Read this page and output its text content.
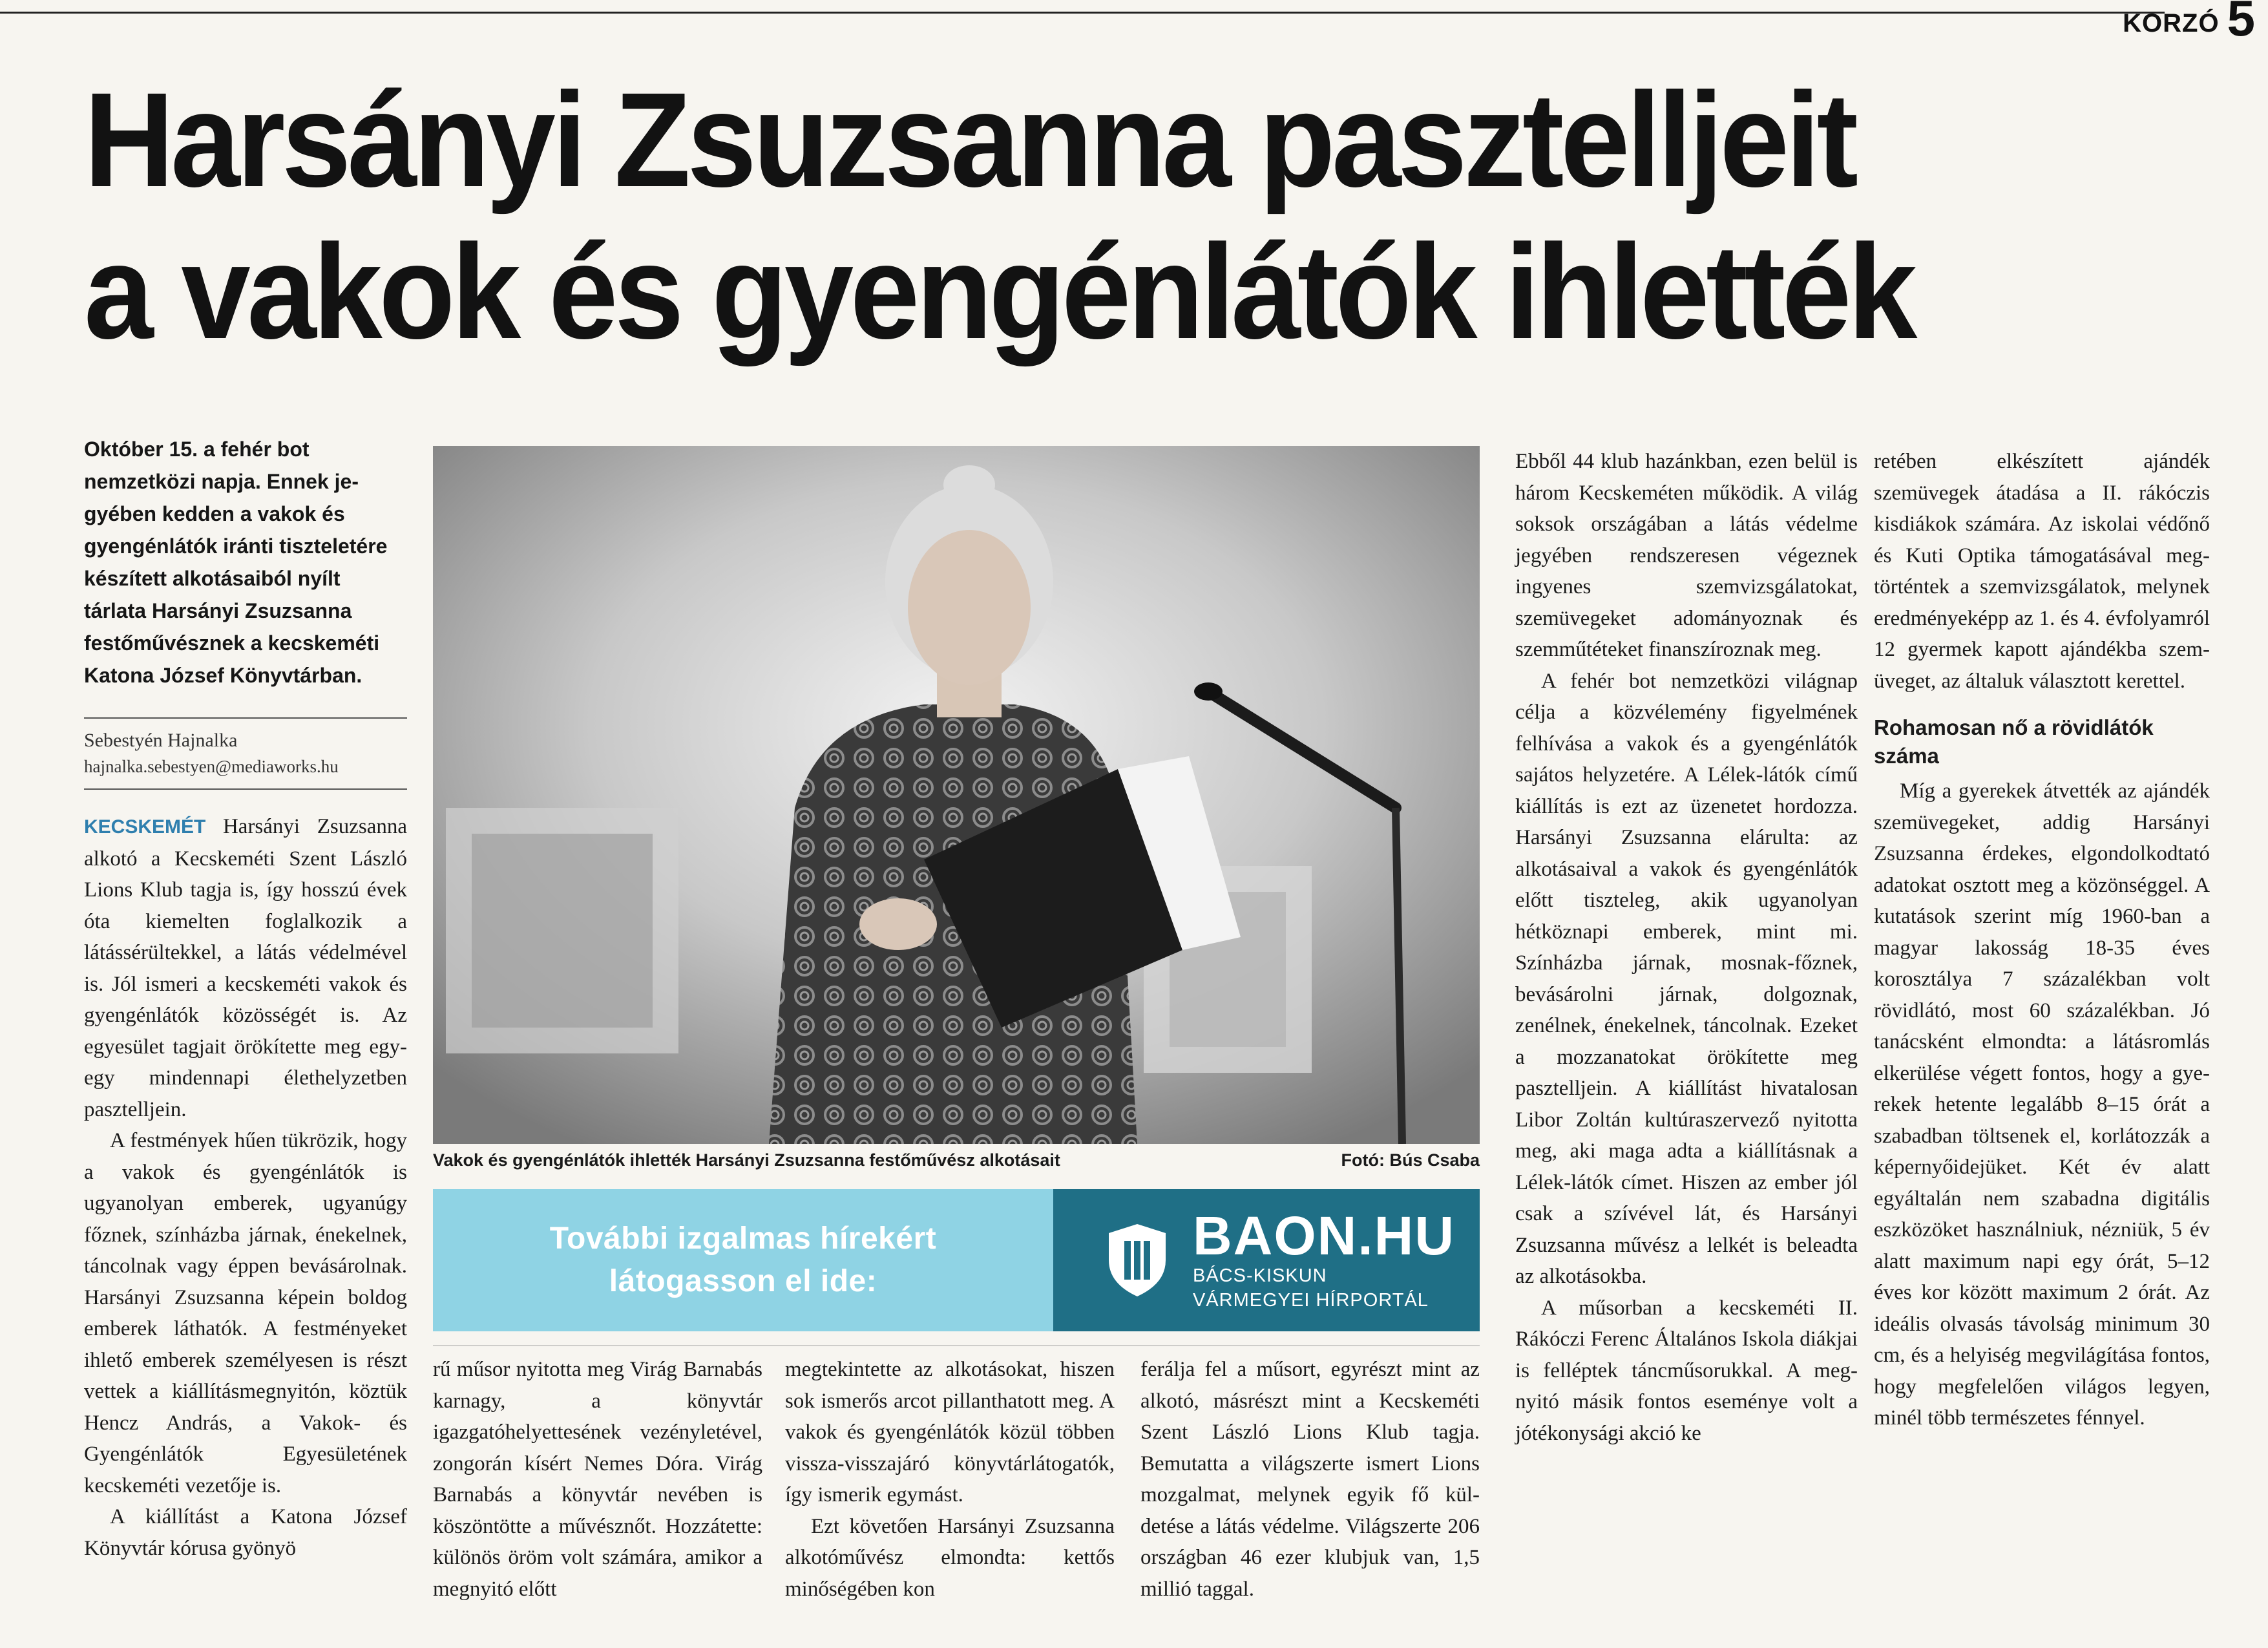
KORZÓ 5
Harsányi Zsuzsanna pasztelljeit
a vakok és gyengénlátók ihlették
Október 15. a fehér bot nemzetközi napja. Ennek jegyében kedden a vakok és gyengénlátók iránti tiszteletére készített alkotásaiból nyílt tárlata Harsányi Zsuzsanna festőművésznek a kecskeméti Katona József Könyvtárban.
Sebestyén Hajnalka
hajnalka.sebestyen@mediaworks.hu

KECSKEMÉT Harsányi Zsuzsanna alkotó a Kecskeméti Szent László Lions Klub tagja is, így hosszú évek óta kiemelten foglalkozik a látássérültekkel, a látás védelmével is. Jól ismeri a kecskeméti vakok és gyengénlátók közösségét is. Az egyesület tagjait örökítette meg egy-egy mindennapi élethelyzetben pasztelljein.

A festmények hűen tükrözik, hogy a vakok és gyengénlátók is ugyanolyan emberek, ugyanúgy főznek, színházba járnak, énekelnek, táncolnak vagy éppen bevásárolnak. Harsányi Zsuzsanna képein boldog emberek láthatók. A festményeket ihlető emberek személyesen is részt vettek a kiállításmegnyitón, köztük Hencz András, a Vakok- és Gyengénlátók Egyesületének kecskeméti vezetője is.

A kiállítást a Katona József Könyvtár kórusa gyönyö

Vakok és gyengénlátók ihlették Harsányi Zsuzsanna festőművész alkotásait	Fotó: Bús Csaba
További izgalmas hírekért
látogasson el ide:
BAON.HU
BÁCS-KISKUN
VÁRMEGYEI HÍRPORTÁL

rű műsor nyitotta meg Virág Barnabás karnagy, a könyvtár igazgatóhelyettesének vezényletével, zongorán kísért Nemes Dóra. Virág Barnabás a könyvtár nevében is köszöntötte a művésznőt. Hozzátette: különös öröm volt számára, amikor a megnyitó előtt

megtekintette az alkotásokat, hiszen sok ismerős arcot pillanthatott meg. A vakok és gyengénlátók közül többen vissza-visszajáró könyvtárlátogatók, így ismerik egymást.

Ezt követően Harsányi Zsuzsanna alkotóművész elmondta: kettős minőségében kon

ferálja fel a műsort, egyrészt mint az alkotó, másrészt mint a Kecskeméti Szent László Lions Klub tagja. Bemutatta a világszerte ismert Lions mozgalmat, melynek egyik fő küldetése a látás védelme. Világszerte 206 országban 46 ezer klubjuk van, 1,5 millió taggal.

Ebből 44 klub hazánkban, ezen belül is három Kecskeméten működik. A világ soksok országában a látás védelme jegyében rendszeresen végeznek ingyenes szemvizsgálatokat, szemüvegeket adományoznak és szemműtéteket finanszíroznak meg.

A fehér bot nemzetközi világnap célja a közvélemény figyelmének felhívása a vakok és a gyengénlátók sajátos helyzetére. A Lélek-látók című kiállítás is ezt az üzenetet hordozza. Harsányi Zsuzsanna elárulta: az alkotásaival a vakok és gyengénlátók előtt tiszteleg, akik ugyanolyan hétköznapi emberek, mint mi. Színházba járnak, mosnak-főznek, bevásárolni járnak, dolgoznak, zenélnek, énekelnek, táncolnak. Ezeket a mozzanatokat örökítette meg pasztelljein. A kiállítást hivatalosan Libor Zoltán kultúraszervező nyitotta meg, aki maga adta a kiállításnak a Lélek-látók címet. Hiszen az ember jól csak a szívével lát, és Harsányi Zsuzsanna művész a lelkét is beleadta az alkotásokba.

A műsorban a kecskeméti II. Rákóczi Ferenc Általános Iskola diákjai is felléptek táncműsorukkal. A megnyitó másik fontos eseménye volt a jótékonysági akció ke

retében elkészített ajándék szemüvegek átadása a II. rákóczis kisdiákok számára. Az iskolai védőnő és Kuti Optika támogatásával megtörténtek a szemvizsgálatok, melynek eredményeképp az 1. és 4. évfolyamról 12 gyermek kapott ajándékba szemüveget, az általuk választott kerettel.

Rohamosan nő a rövidlátók száma

Míg a gyerekek átvették az ajándék szemüvegeket, addig Harsányi Zsuzsanna érdekes, elgondolkodtató adatokat osztott meg a közönséggel. A kutatások szerint míg 1960-ban a magyar lakosság 18-35 éves korosztálya 7 százalékban volt rövidlátó, most 60 százalékban. Jó tanácsként elmondta: a látásromlás elkerülése végett fontos, hogy a gyerekek hetente legalább 8–15 órát a szabadban töltsenek el, korlátozzák a képernyőidejüket. Két év alatt egyáltalán nem szabadna digitális eszközöket használniuk, nézniük, 5 év alatt maximum napi egy órát, 5–12 éves kor között maximum 2 órát. Az ideális olvasás távolság minimum 30 cm, és a helyiség megvilágítása fontos, hogy megfelelően világos legyen, minél több természetes fénnyel.
